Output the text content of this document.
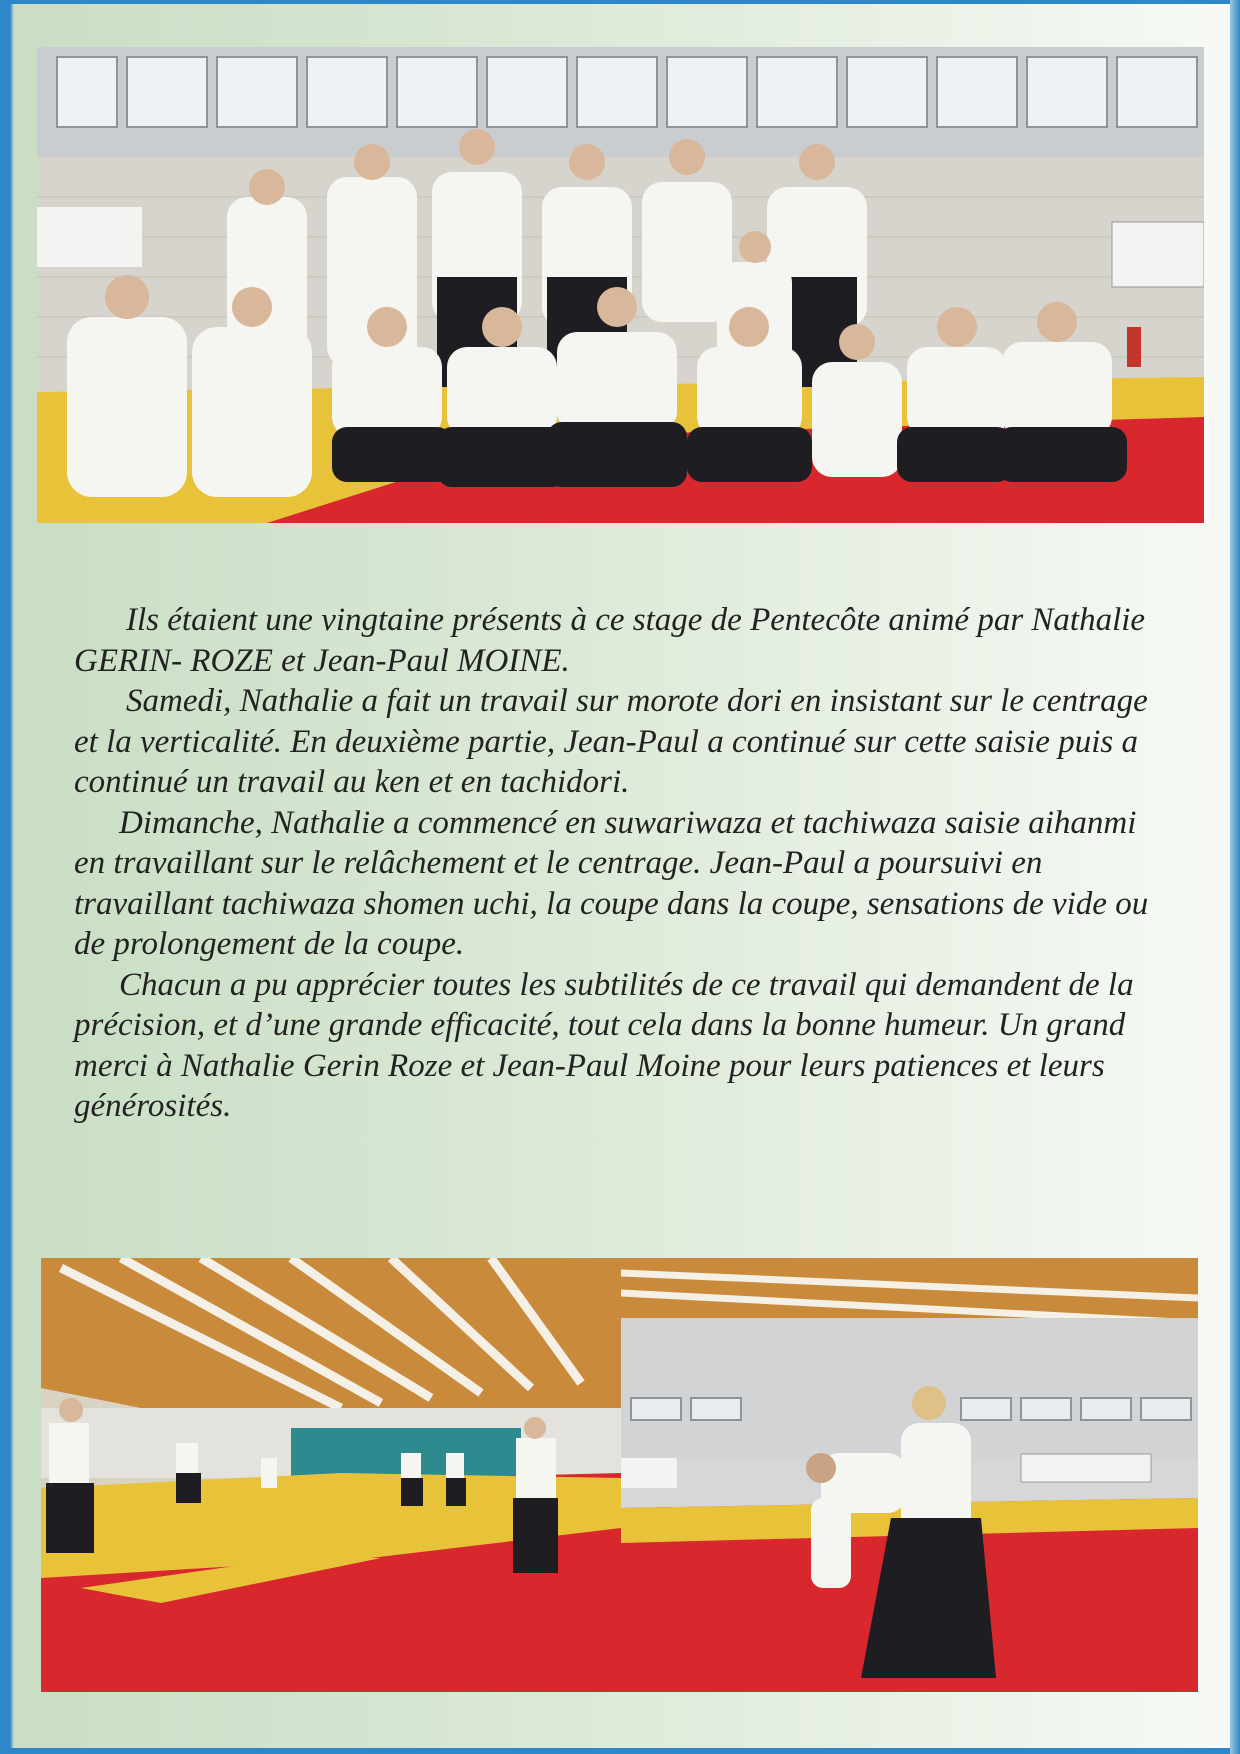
Ils étaient une vingtaine présents à ce stage de Pentecôte animé par Nathalie GERIN- ROZE et Jean-Paul MOINE.

Samedi, Nathalie a fait un travail sur morote dori en insistant sur le centrage et la verticalité. En deuxième partie, Jean-Paul a continué sur cette saisie puis a continué un travail au ken et en tachidori.

Dimanche, Nathalie a commencé en suwariwaza et tachiwaza saisie aihanmi en travaillant sur le relâchement et le centrage. Jean-Paul a poursuivi en travaillant tachiwaza shomen uchi, la coupe dans la coupe, sensations de vide ou de prolongement de la coupe.

Chacun a pu apprécier toutes les subtilités de ce travail qui demandent de la précision, et d’une grande efficacité, tout cela dans la bonne humeur. Un grand merci à Nathalie Gerin Roze et Jean-Paul Moine pour leurs patiences et leurs générosités.
